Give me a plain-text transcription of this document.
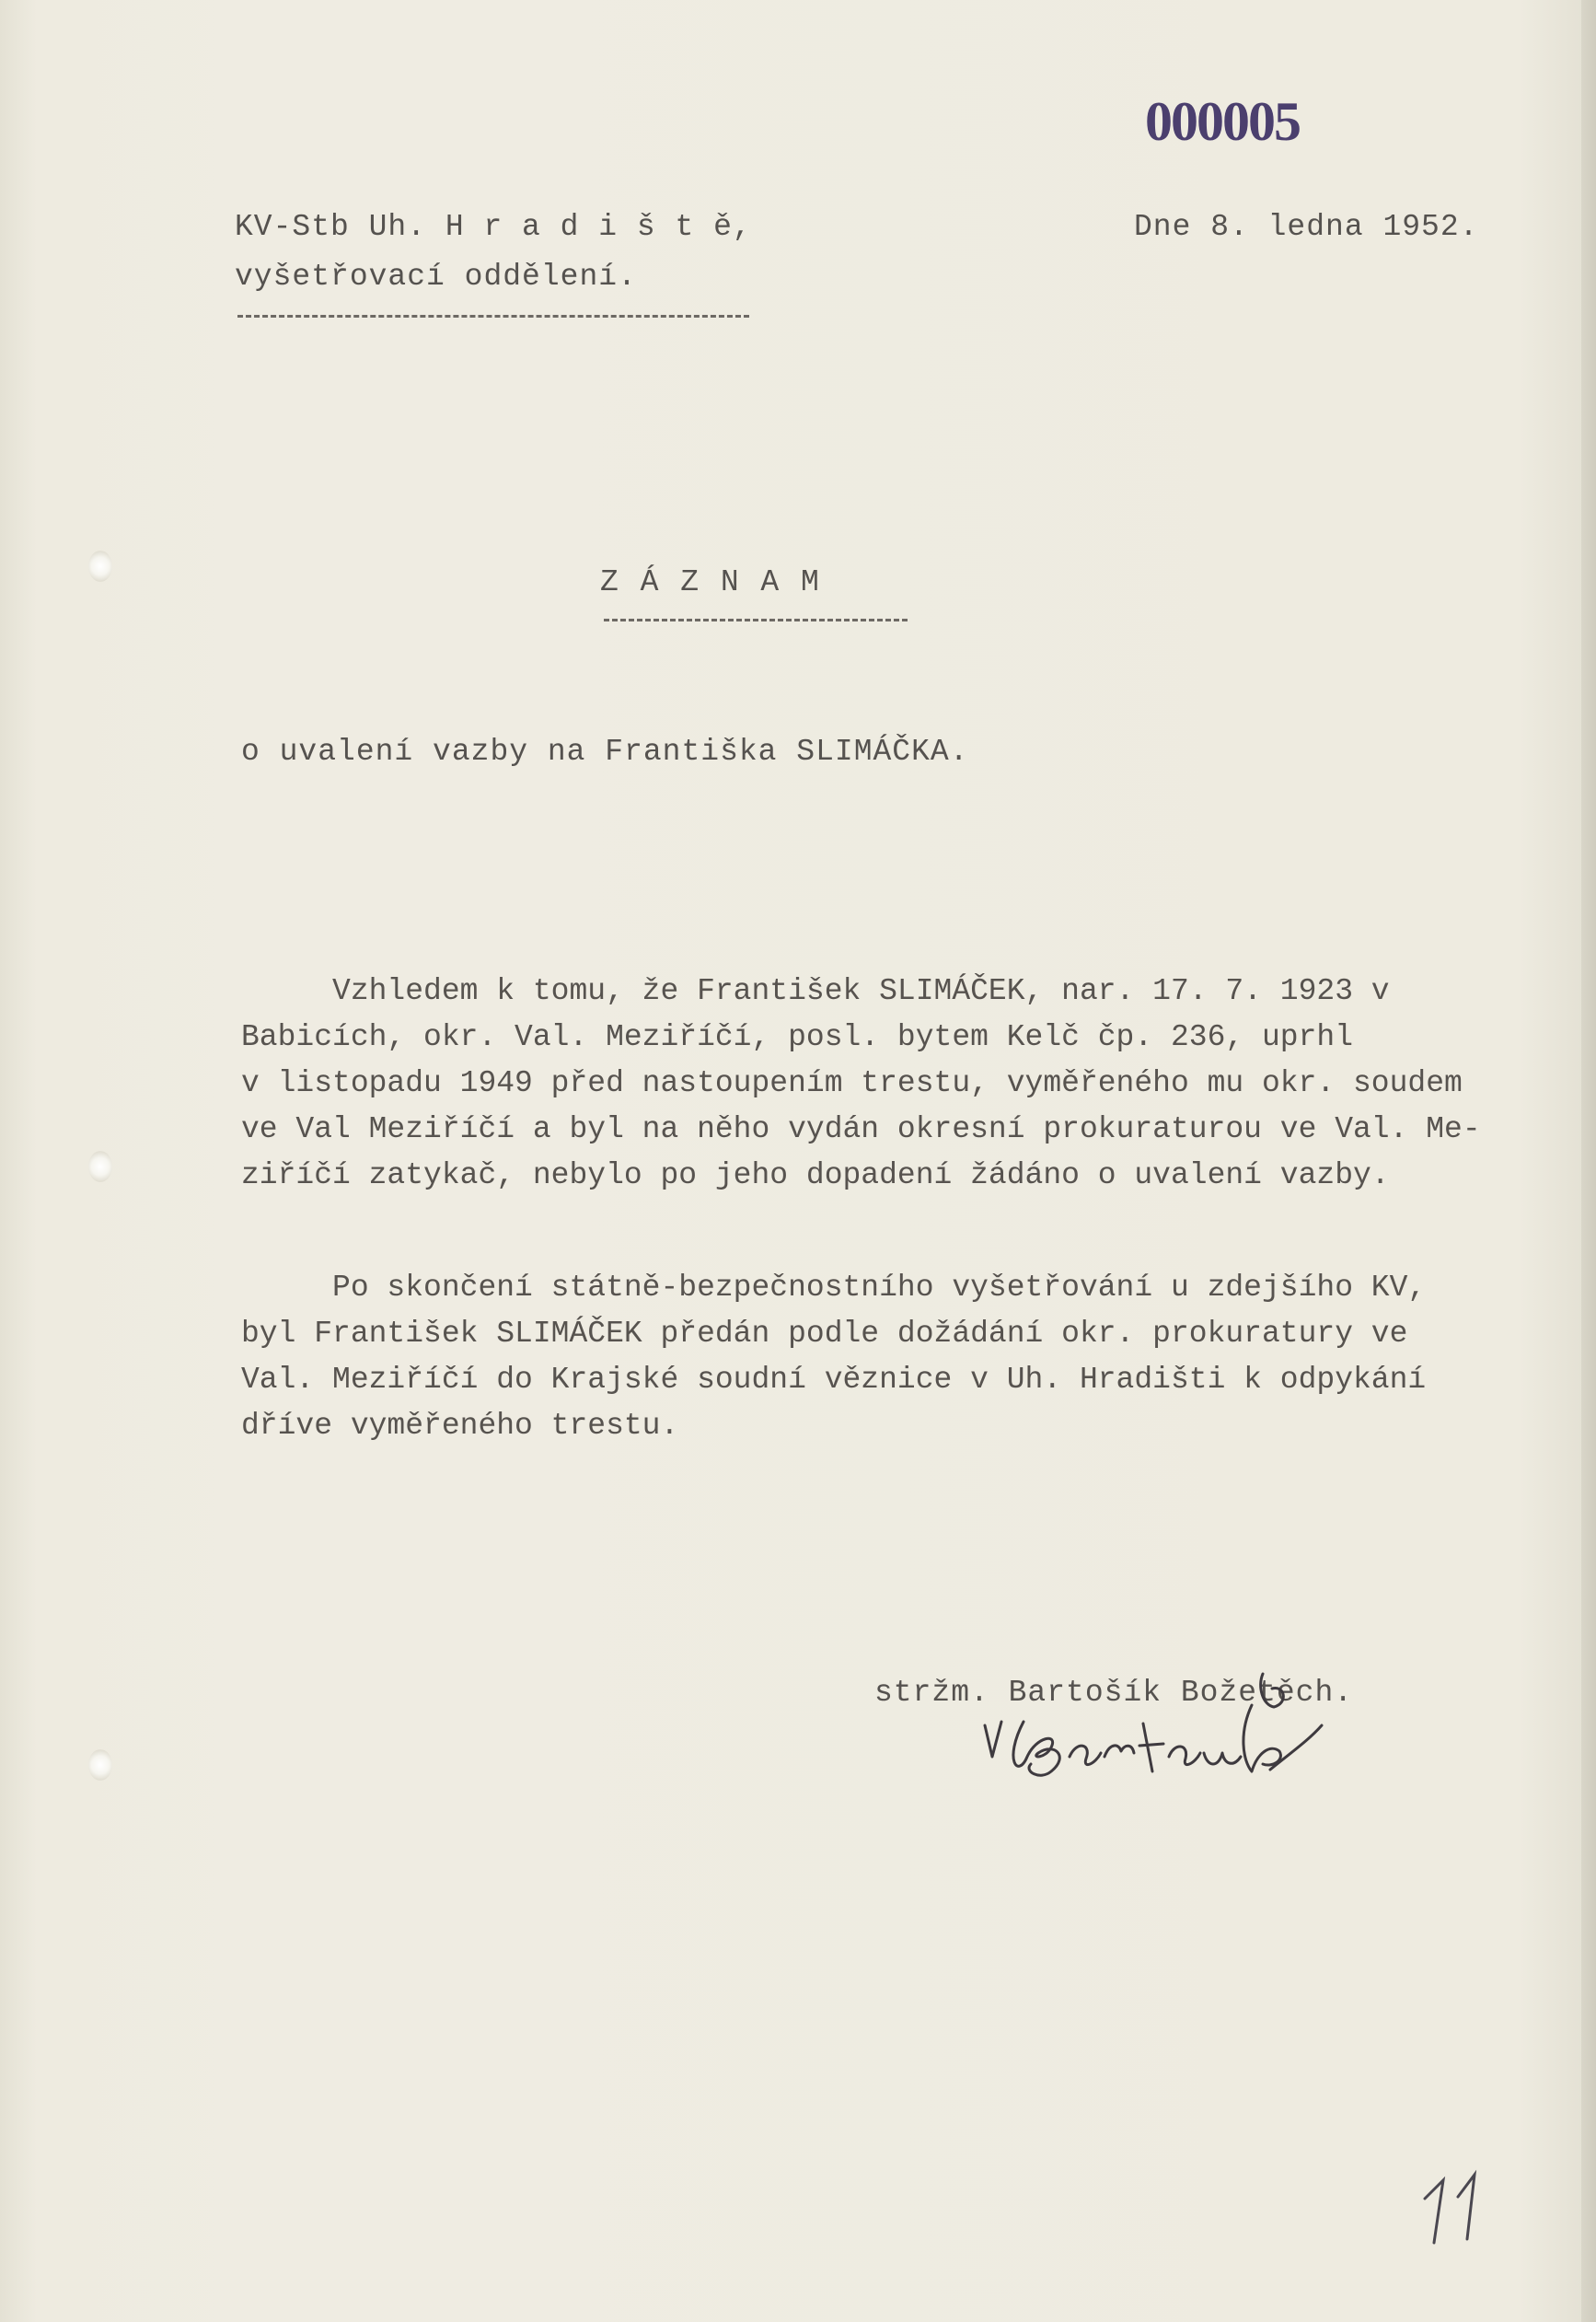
000005
KV-Stb Uh. H r a d i š t ě,
vyšetřovací oddělení.
Dne 8. ledna 1952.
Z Á Z N A M
o uvalení vazby na Františka SLIMÁČKA.
Vzhledem k tomu, že František SLIMÁČEK, nar. 17. 7. 1923 v
Babicích, okr. Val. Meziříčí, posl. bytem Kelč čp. 236, uprhl
v listopadu 1949 před nastoupením trestu, vyměřeného mu okr. soudem
ve Val Meziříčí a byl na něho vydán okresní prokuraturou ve Val. Me-
ziříčí zatykač, nebylo po jeho dopadení žádáno o uvalení vazby.
Po skončení státně-bezpečnostního vyšetřování u zdejšího KV,
byl František SLIMÁČEK předán podle dožádání okr. prokuratury ve
Val. Meziříčí do Krajské soudní věznice v Uh. Hradišti k odpykání
dříve vyměřeného trestu.
stržm. Bartošík Božetěch.
